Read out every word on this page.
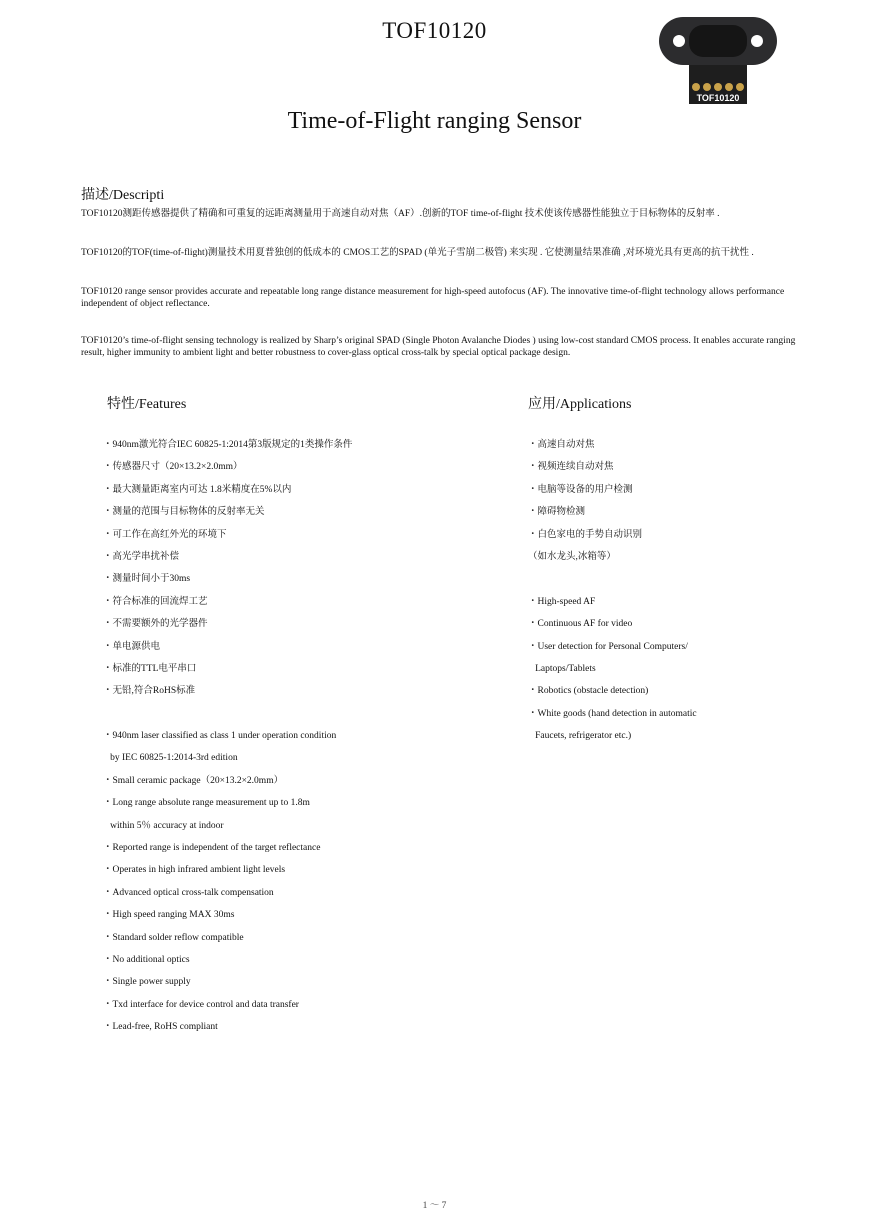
TOF10120
TOF10120
Time-of-Flight ranging Sensor
描述/Descripti
TOF10120测距传感器提供了精确和可重复的远距离测量用于高速自动对焦（AF）.创新的TOF time-of-flight 技术使该传感器性能独立于目标物体的反射率 .
TOF10120的TOF(time-of-flight)测量技术用夏普独创的低成本的 CMOS工艺的SPAD (单光子雪崩二极管) 来实现 . 它使测量结果准确 ,对环境光具有更高的抗干扰性 .
TOF10120 range sensor provides accurate and repeatable long range distance measurement for high-speed autofocus (AF). The innovative time-of-flight technology allows performance independent of object reflectance.
TOF10120’s time-of-flight sensing technology is realized by Sharp’s original SPAD (Single Photon Avalanche Diodes ) using low-cost standard CMOS process. It enables accurate ranging result, higher immunity to ambient light and better robustness to cover-glass optical cross-talk by special optical package design.
特性/Features	应用/Applications
・940nm激光符合IEC 60825-1:2014第3版规定的1类操作条件
・传感器尺寸（20×13.2×2.0mm）
・最大测量距离室内可达 1.8米精度在5%以内
・测量的范围与目标物体的反射率无关
・可工作在高红外光的环境下
・高光学串扰补偿
・测量时间小于30ms
・符合标准的回流焊工艺
・不需要额外的光学器件
・单电源供电
・标准的TTL电平串口
・无铅,符合RoHS标准
・940nm laser classified as class 1 under operation condition
by IEC 60825-1:2014-3rd edition
・Small ceramic package（20×13.2×2.0mm）
・Long range absolute range measurement up to 1.8m
within 5％ accuracy at indoor
・Reported range is independent of the target reflectance
・Operates in high infrared ambient light levels
・Advanced optical cross-talk compensation
・High speed ranging MAX 30ms
・Standard solder reflow compatible
・No additional optics
・Single power supply
・Txd interface for device control and data transfer
・Lead-free, RoHS compliant
・高速自动对焦
・视频连续自动对焦
・电脑等设备的用户检测
・障碍物检测
・白色家电的手势自动识别
（如水龙头,冰箱等）
・High-speed AF
・Continuous AF for video
・User detection for Personal Computers/
Laptops/Tablets
・Robotics (obstacle detection)
・White goods (hand detection in automatic
Faucets, refrigerator etc.)
1 ～ 7
